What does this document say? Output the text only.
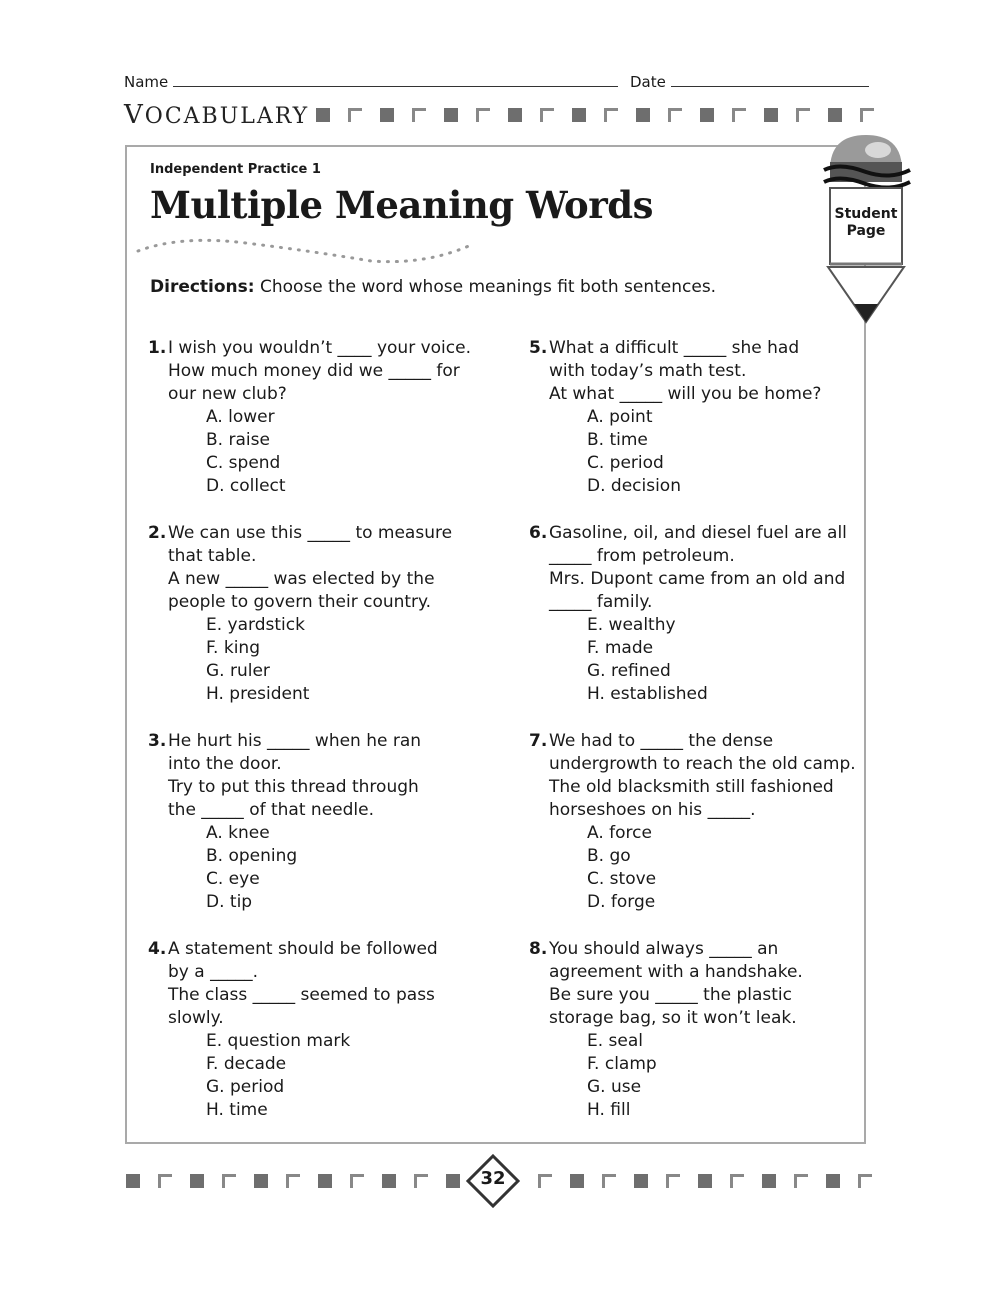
Name	Date
VOCABULARY
Student
Page
Independent Practice 1
Multiple Meaning Words
Directions: Choose the word whose meanings fit both sentences.
1. I wish you wouldn’t ____ your voice.
How much money did we _____ for
our new club?
A. lower
B. raise
C. spend
D. collect
2. We can use this _____ to measure
that table.
A new _____ was elected by the
people to govern their country.
E. yardstick
F. king
G. ruler
H. president
3. He hurt his _____ when he ran
into the door.
Try to put this thread through
the _____ of that needle.
A. knee
B. opening
C. eye
D. tip
4. A statement should be followed
by a _____.
The class _____ seemed to pass
slowly.
E. question mark
F. decade
G. period
H. time
5. What a difficult _____ she had
with today’s math test.
At what _____ will you be home?
A. point
B. time
C. period
D. decision
6. Gasoline, oil, and diesel fuel are all
_____ from petroleum.
Mrs. Dupont came from an old and
_____ family.
E. wealthy
F. made
G. refined
H. established
7. We had to _____ the dense
undergrowth to reach the old camp.
The old blacksmith still fashioned
horseshoes on his _____.
A. force
B. go
C. stove
D. forge
8. You should always _____ an
agreement with a handshake.
Be sure you _____ the plastic
storage bag, so it won’t leak.
E. seal
F. clamp
G. use
H. fill
32
